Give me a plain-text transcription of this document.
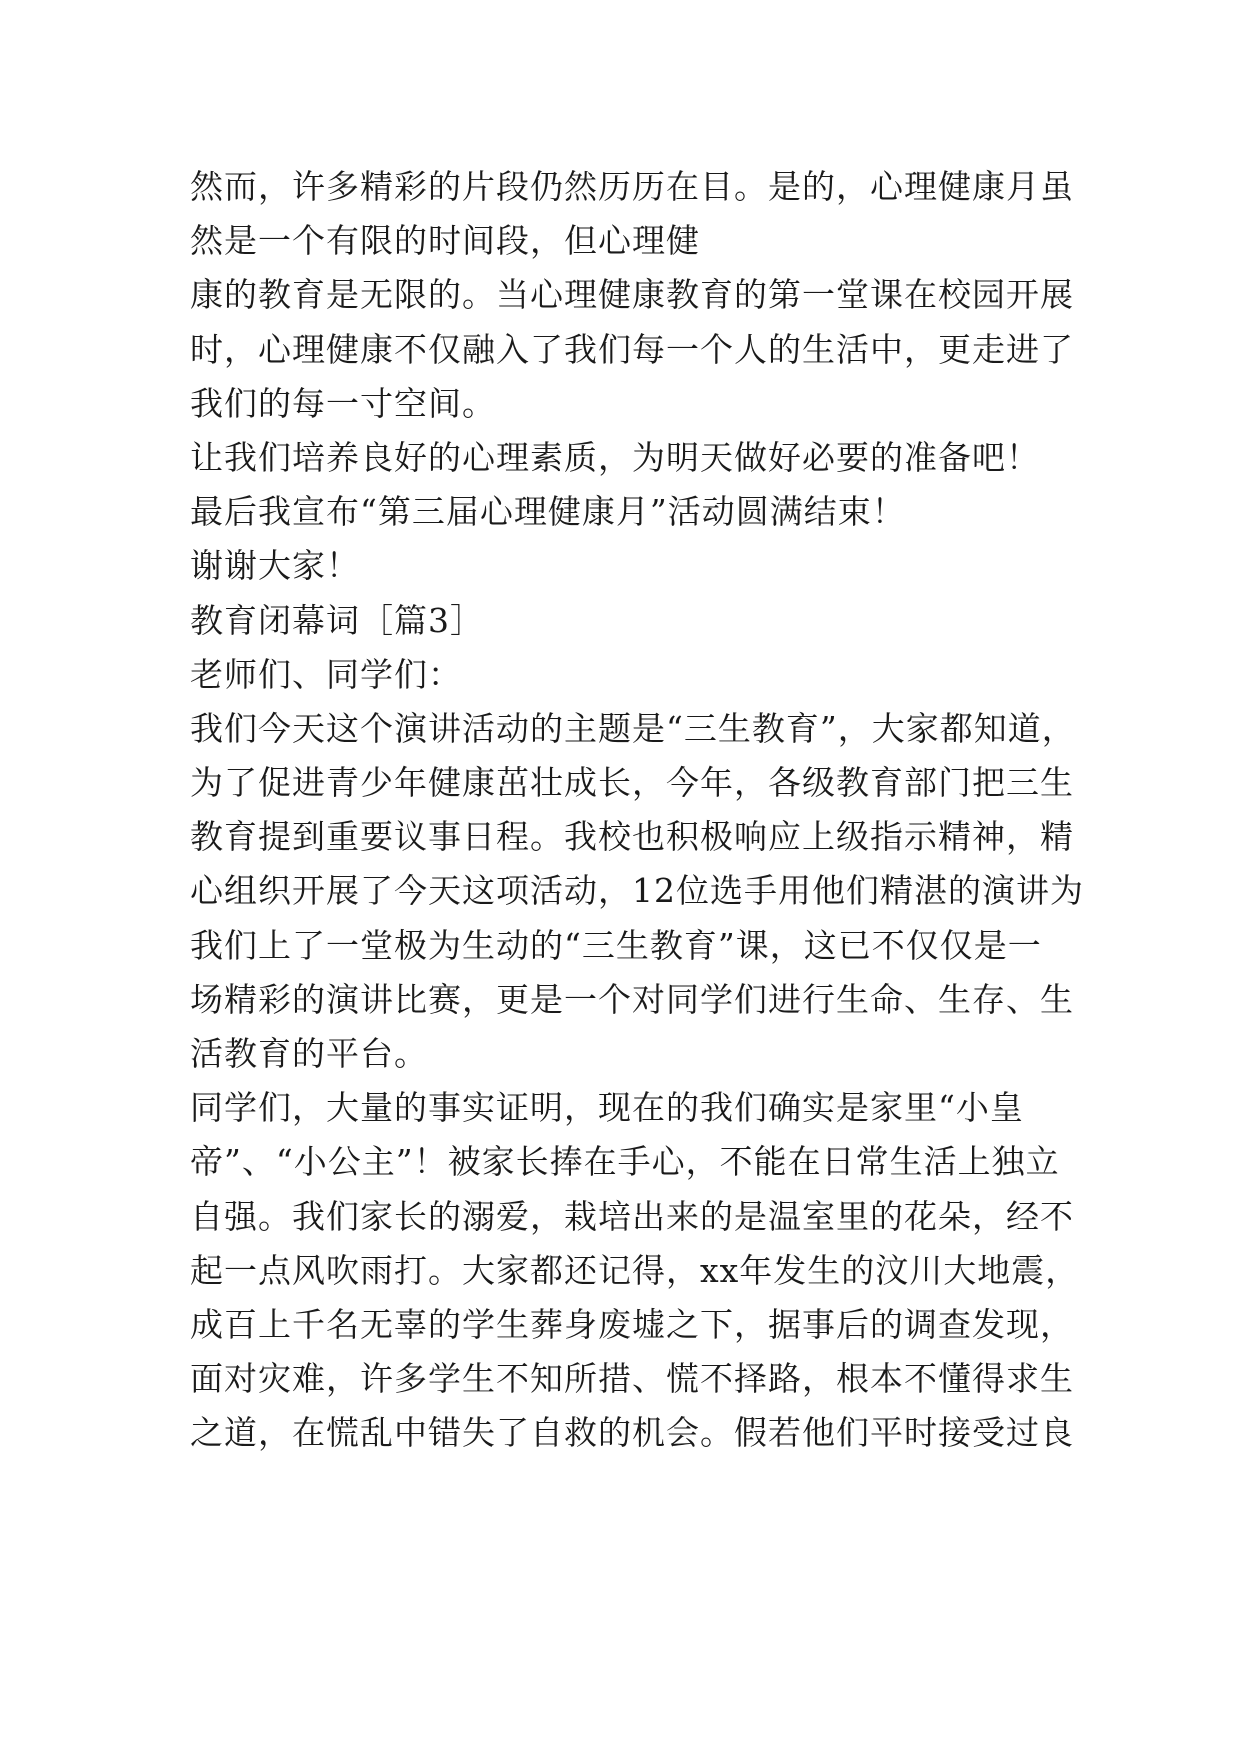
然而，许多精彩的片段仍然历历在目。是的，心理健康月虽
然是一个有限的时间段，但心理健

康的教育是无限的。当心理健康教育的第一堂课在校园开展
时，心理健康不仅融入了我们每一个人的生活中，更走进了
我们的每一寸空间。

让我们培养良好的心理素质，为明天做好必要的准备吧！

最后我宣布“第三届心理健康月”活动圆满结束！

谢谢大家！

教育闭幕词［篇3］

老师们、同学们：

我们今天这个演讲活动的主题是“三生教育”，大家都知道，
为了促进青少年健康茁壮成长，今年，各级教育部门把三生
教育提到重要议事日程。我校也积极响应上级指示精神，精
心组织开展了今天这项活动，12位选手用他们精湛的演讲为
我们上了一堂极为生动的“三生教育”课，这已不仅仅是一
场精彩的演讲比赛，更是一个对同学们进行生命、生存、生
活教育的平台。

同学们，大量的事实证明，现在的我们确实是家里“小皇
帝”、“小公主”！被家长捧在手心，不能在日常生活上独立
自强。我们家长的溺爱，栽培出来的是温室里的花朵，经不
起一点风吹雨打。大家都还记得，xx年发生的汶川大地震，
成百上千名无辜的学生葬身废墟之下，据事后的调查发现，
面对灾难，许多学生不知所措、慌不择路，根本不懂得求生
之道，在慌乱中错失了自救的机会。假若他们平时接受过良
